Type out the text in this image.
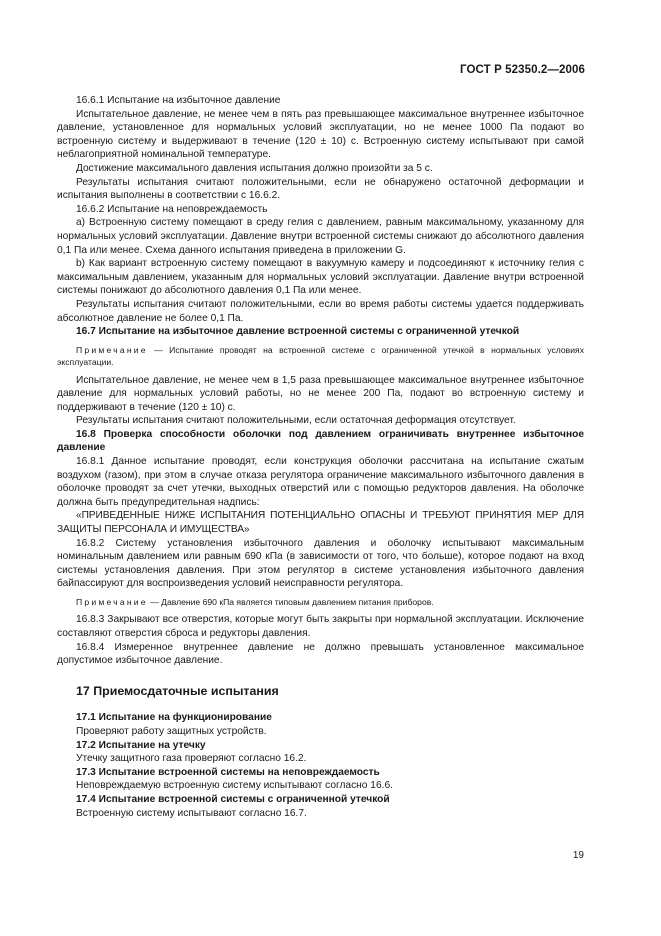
ГОСТ Р 52350.2—2006

16.6.1 Испытание на избыточное давление

Испытательное давление, не менее чем в пять раз превышающее максимальное внутреннее избыточное давление, установленное для нормальных условий эксплуатации, но не менее 1000 Па подают во встроенную систему и выдерживают в течение (120 ± 10) с. Встроенную систему испытывают при самой неблагоприятной номинальной температуре.

Достижение максимального давления испытания должно произойти за 5 с.

Результаты испытания считают положительными, если не обнаружено остаточной деформации и испытания выполнены в соответствии с 16.6.2.

16.6.2 Испытание на неповреждаемость

а) Встроенную систему помещают в среду гелия с давлением, равным максимальному, указанному для нормальных условий эксплуатации. Давление внутри встроенной системы снижают до абсолютного давления 0,1 Па или менее. Схема данного испытания приведена в приложении G.

b) Как вариант встроенную систему помещают в вакуумную камеру и подсоединяют к источнику гелия с максимальным давлением, указанным для нормальных условий эксплуатации. Давление внутри встроенной системы понижают до абсолютного давления 0,1 Па или менее.

Результаты испытания считают положительными, если во время работы системы удается поддерживать абсолютное давление не более 0,1 Па.

16.7 Испытание на избыточное давление встроенной системы с ограниченной утечкой

Примечание — Испытание проводят на встроенной системе с ограниченной утечкой в нормальных условиях эксплуатации.

Испытательное давление, не менее чем в 1,5 раза превышающее максимальное внутреннее избыточное давление для нормальных условий работы, но не менее 200 Па, подают во встроенную систему и поддерживают в течение (120 ± 10) с.

Результаты испытания считают положительными, если остаточная деформация отсутствует.

16.8 Проверка способности оболочки под давлением ограничивать внутреннее избыточное давление

16.8.1 Данное испытание проводят, если конструкция оболочки рассчитана на испытание сжатым воздухом (газом), при этом в случае отказа регулятора ограничение максимального избыточного давления в оболочке проводят за счет утечки, выходных отверстий или с помощью редукторов давления. На оболочке должна быть предупредительная надпись:

«ПРИВЕДЕННЫЕ НИЖЕ ИСПЫТАНИЯ ПОТЕНЦИАЛЬНО ОПАСНЫ И ТРЕБУЮТ ПРИНЯТИЯ МЕР ДЛЯ ЗАЩИТЫ ПЕРСОНАЛА И ИМУЩЕСТВА»

16.8.2 Систему установления избыточного давления и оболочку испытывают максимальным номинальным давлением или равным 690 кПа (в зависимости от того, что больше), которое подают на вход системы установления давления. При этом регулятор в системе установления избыточного давления байпассируют для воспроизведения условий неисправности регулятора.

Примечание — Давление 690 кПа является типовым давлением питания приборов.

16.8.3 Закрывают все отверстия, которые могут быть закрыты при нормальной эксплуатации. Исключение составляют отверстия сброса и редукторы давления.

16.8.4 Измеренное внутреннее давление не должно превышать установленное максимальное допустимое избыточное давление.

17 Приемосдаточные испытания

17.1 Испытание на функционирование

Проверяют работу защитных устройств.

17.2 Испытание на утечку

Утечку защитного газа проверяют согласно 16.2.

17.3 Испытание встроенной системы на неповреждаемость

Неповреждаемую встроенную систему испытывают согласно 16.6.

17.4 Испытание встроенной системы с ограниченной утечкой

Встроенную систему испытывают согласно 16.7.

19
